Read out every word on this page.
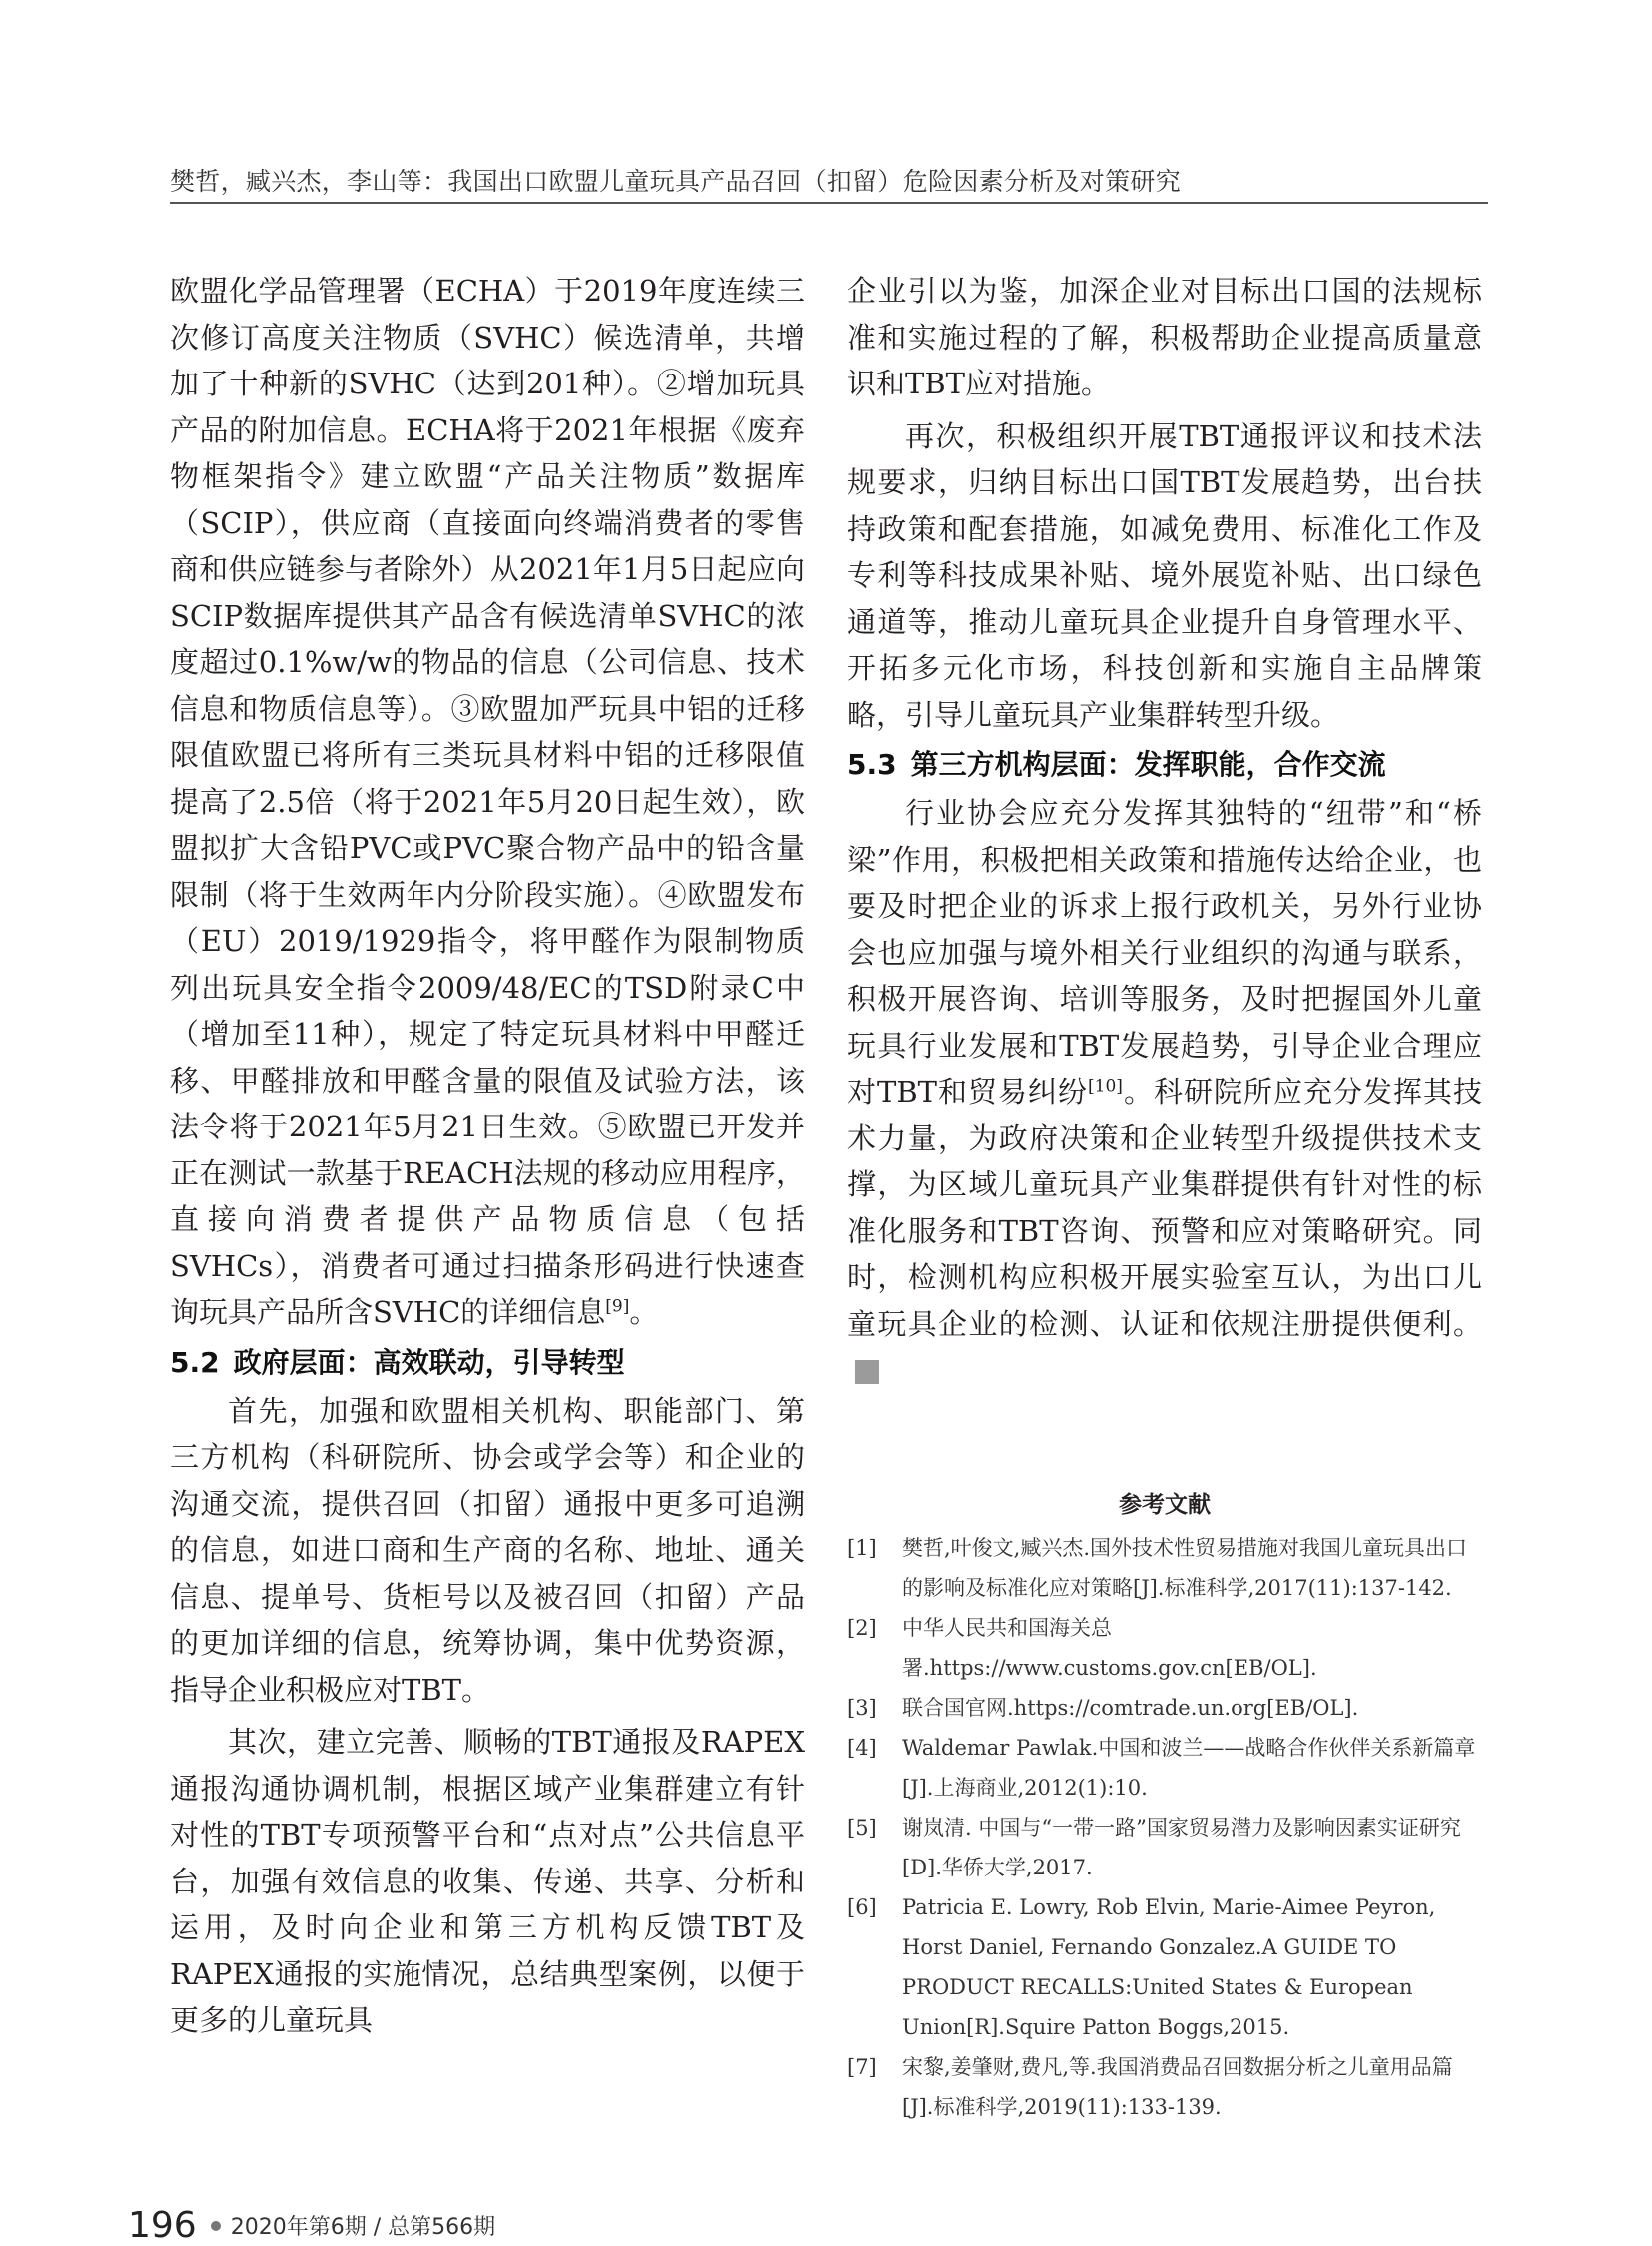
樊哲，臧兴杰，李山等：我国出口欧盟儿童玩具产品召回（扣留）危险因素分析及对策研究

欧盟化学品管理署（ECHA）于2019年度连续三次修订高度关注物质（SVHC）候选清单，共增加了十种新的SVHC（达到201种）。②增加玩具产品的附加信息。ECHA将于2021年根据《废弃物框架指令》建立欧盟“产品关注物质”数据库（SCIP），供应商（直接面向终端消费者的零售商和供应链参与者除外）从2021年1月5日起应向SCIP数据库提供其产品含有候选清单SVHC的浓度超过0.1%w/w的物品的信息（公司信息、技术信息和物质信息等）。③欧盟加严玩具中铝的迁移限值欧盟已将所有三类玩具材料中铝的迁移限值提高了2.5倍（将于2021年5月20日起生效），欧盟拟扩大含铅PVC或PVC聚合物产品中的铅含量限制（将于生效两年内分阶段实施）。④欧盟发布（EU）2019/1929指令，将甲醛作为限制物质列出玩具安全指令2009/48/EC的TSD附录C中（增加至11种），规定了特定玩具材料中甲醛迁移、甲醛排放和甲醛含量的限值及试验方法，该法令将于2021年5月21日生效。⑤欧盟已开发并正在测试一款基于REACH法规的移动应用程序，直接向消费者提供产品物质信息（包括SVHCs），消费者可通过扫描条形码进行快速查询玩具产品所含SVHC的详细信息[9]。

5.2 政府层面：高效联动，引导转型

首先，加强和欧盟相关机构、职能部门、第三方机构（科研院所、协会或学会等）和企业的沟通交流，提供召回（扣留）通报中更多可追溯的信息，如进口商和生产商的名称、地址、通关信息、提单号、货柜号以及被召回（扣留）产品的更加详细的信息，统筹协调，集中优势资源，指导企业积极应对TBT。

其次，建立完善、顺畅的TBT通报及RAPEX通报沟通协调机制，根据区域产业集群建立有针对性的TBT专项预警平台和“点对点”公共信息平台，加强有效信息的收集、传递、共享、分析和运用，及时向企业和第三方机构反馈TBT及RAPEX通报的实施情况，总结典型案例，以便于更多的儿童玩具

企业引以为鉴，加深企业对目标出口国的法规标准和实施过程的了解，积极帮助企业提高质量意识和TBT应对措施。

再次，积极组织开展TBT通报评议和技术法规要求，归纳目标出口国TBT发展趋势，出台扶持政策和配套措施，如减免费用、标准化工作及专利等科技成果补贴、境外展览补贴、出口绿色通道等，推动儿童玩具企业提升自身管理水平、开拓多元化市场，科技创新和实施自主品牌策略，引导儿童玩具产业集群转型升级。

5.3 第三方机构层面：发挥职能，合作交流

行业协会应充分发挥其独特的“纽带”和“桥梁”作用，积极把相关政策和措施传达给企业，也要及时把企业的诉求上报行政机关，另外行业协会也应加强与境外相关行业组织的沟通与联系，积极开展咨询、培训等服务，及时把握国外儿童玩具行业发展和TBT发展趋势，引导企业合理应对TBT和贸易纠纷[10]。科研院所应充分发挥其技术力量，为政府决策和企业转型升级提供技术支撑，为区域儿童玩具产业集群提供有针对性的标准化服务和TBT咨询、预警和应对策略研究。同时，检测机构应积极开展实验室互认，为出口儿童玩具企业的检测、认证和依规注册提供便利。■

参考文献
[1]	樊哲,叶俊文,臧兴杰.国外技术性贸易措施对我国儿童玩具出口的影响及标准化应对策略[J].标准科学,2017(11):137-142.
[2]	中华人民共和国海关总署.https://www.customs.gov.cn[EB/OL].
[3]	联合国官网.https://comtrade.un.org[EB/OL].
[4]	Waldemar Pawlak.中国和波兰——战略合作伙伴关系新篇章[J].上海商业,2012(1):10.
[5]	谢岚清. 中国与“一带一路”国家贸易潜力及影响因素实证研究[D].华侨大学,2017.
[6]	Patricia E. Lowry, Rob Elvin, Marie-Aimee Peyron, Horst Daniel, Fernando Gonzalez.A GUIDE TO PRODUCT RECALLS:United States & European Union[R].Squire Patton Boggs,2015.
[7]	宋黎,姜肇财,费凡,等.我国消费品召回数据分析之儿童用品篇[J].标准科学,2019(11):133-139.
196 2020年第6期 / 总第566期
